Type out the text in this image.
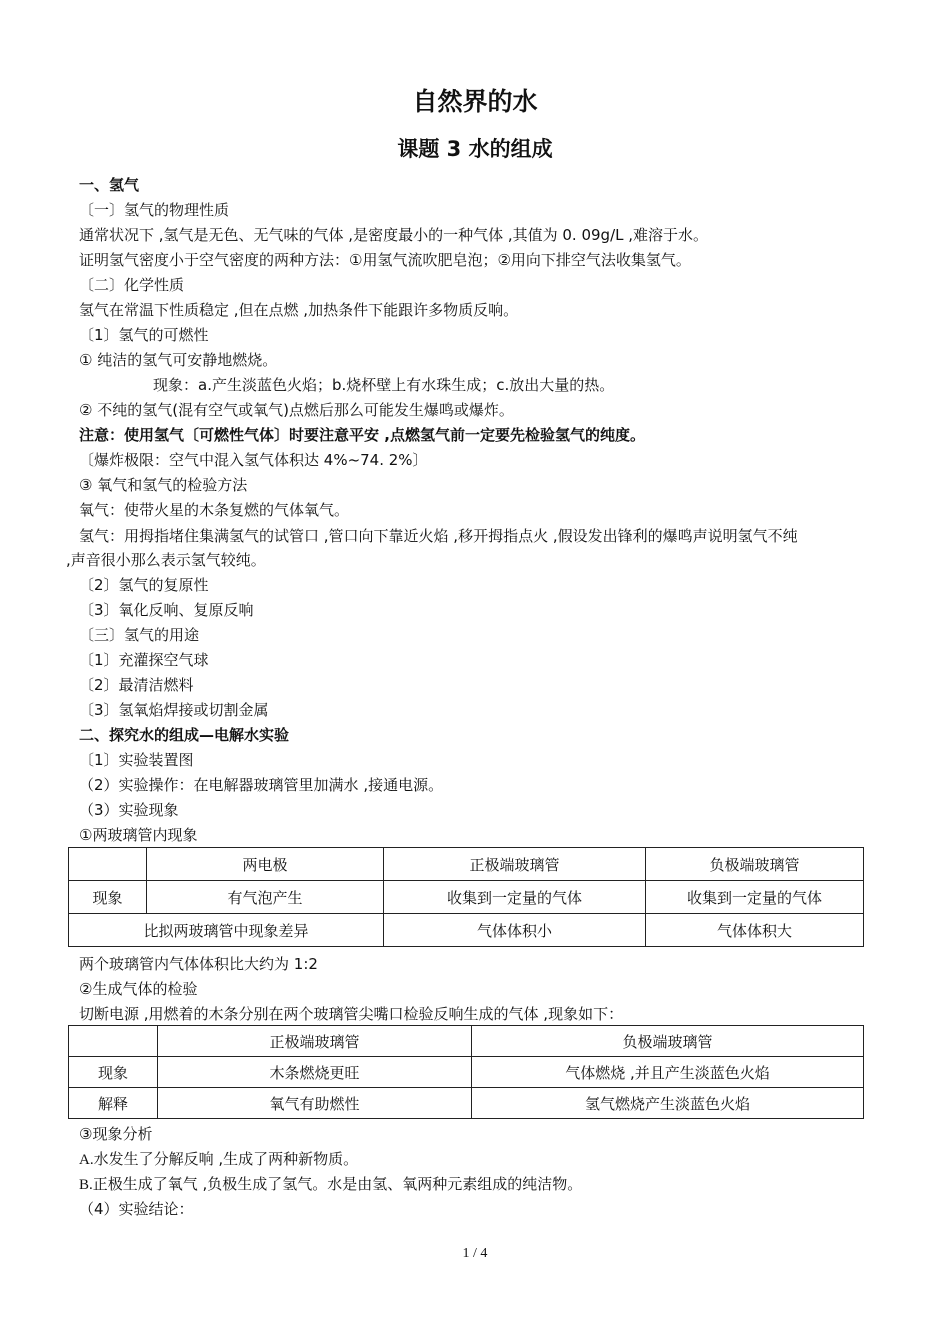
自然界的水
课题 3 水的组成
一、氢气
〔一〕氢气的物理性质
通常状况下 ,氢气是无色、无气味的气体 ,是密度最小的一种气体 ,其值为 0. 09g/L ,难溶于水。
证明氢气密度小于空气密度的两种方法：①用氢气流吹肥皂泡；②用向下排空气法收集氢气。
〔二〕化学性质
氢气在常温下性质稳定 ,但在点燃 ,加热条件下能跟许多物质反响。
〔1〕氢气的可燃性
① 纯洁的氢气可安静地燃烧。
现象：a.产生淡蓝色火焰；b.烧杯壁上有水珠生成；c.放出大量的热。
② 不纯的氢气(混有空气或氧气)点燃后那么可能发生爆鸣或爆炸。
注意：使用氢气〔可燃性气体〕时要注意平安 ,点燃氢气前一定要先检验氢气的纯度。
〔爆炸极限：空气中混入氢气体积达 4%~74. 2%〕
③ 氧气和氢气的检验方法
氧气：使带火星的木条复燃的气体氧气。
氢气：用拇指堵住集满氢气的试管口 ,管口向下靠近火焰 ,移开拇指点火 ,假设发出锋利的爆鸣声说明氢气不纯
,声音很小那么表示氢气较纯。
〔2〕氢气的复原性
〔3〕氧化反响、复原反响
〔三〕氢气的用途
〔1〕充灌探空气球
〔2〕最清洁燃料
〔3〕氢氧焰焊接或切割金属
二、探究水的组成—电解水实验
〔1〕实验装置图
（2）实验操作：在电解器玻璃管里加满水 ,接通电源。
（3）实验现象
①两玻璃管内现象
	两电极	正极端玻璃管	负极端玻璃管
现象	有气泡产生	收集到一定量的气体	收集到一定量的气体
比拟两玻璃管中现象差异		气体体积小	气体体积大
两个玻璃管内气体体积比大约为 1:2
②生成气体的检验
切断电源 ,用燃着的木条分别在两个玻璃管尖嘴口检验反响生成的气体 ,现象如下：
	正极端玻璃管	负极端玻璃管
现象	木条燃烧更旺	气体燃烧 ,并且产生淡蓝色火焰
解释	氧气有助燃性	氢气燃烧产生淡蓝色火焰
③现象分析
A.水发生了分解反响 ,生成了两种新物质。
B.正极生成了氧气 ,负极生成了氢气。水是由氢、氧两种元素组成的纯洁物。
（4）实验结论：
1 / 4
